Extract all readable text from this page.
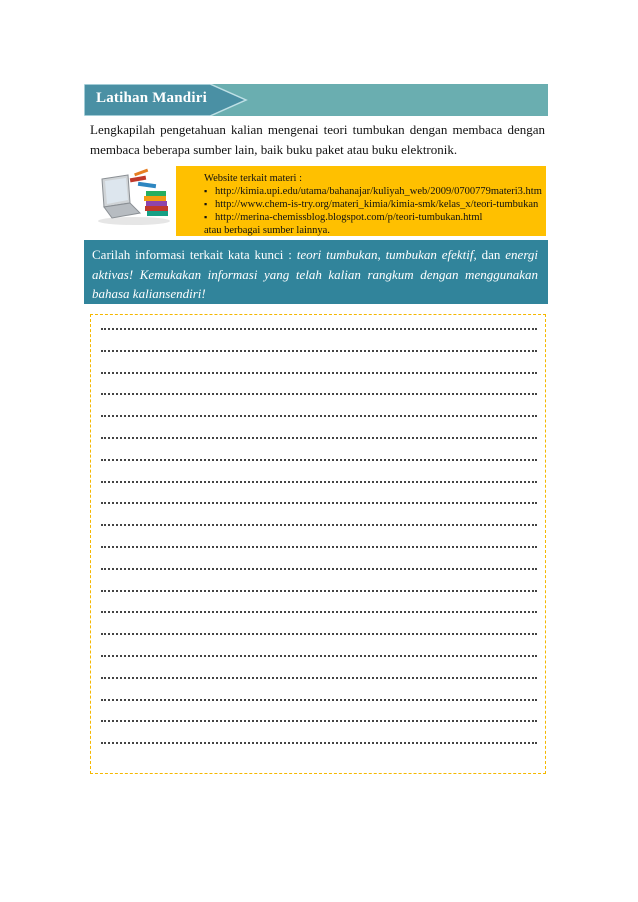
Latihan Mandiri
Lengkapilah pengetahuan kalian mengenai teori tumbukan dengan membaca dengan membaca beberapa sumber lain, baik buku paket atau buku elektronik.
Website terkait materi :
▪ http://kimia.upi.edu/utama/bahanajar/kuliyah_web/2009/0700779materi3.htm
▪ http://www.chem-is-try.org/materi_kimia/kimia-smk/kelas_x/teori-tumbukan
▪ http://merina-chemissblog.blogspot.com/p/teori-tumbukan.html
atau berbagai sumber lainnya.
Carilah informasi terkait kata kunci : teori tumbukan, tumbukan efektif, dan energi aktivas! Kemukakan informasi yang telah kalian rangkum dengan menggunakan bahasa kaliansendiri!
